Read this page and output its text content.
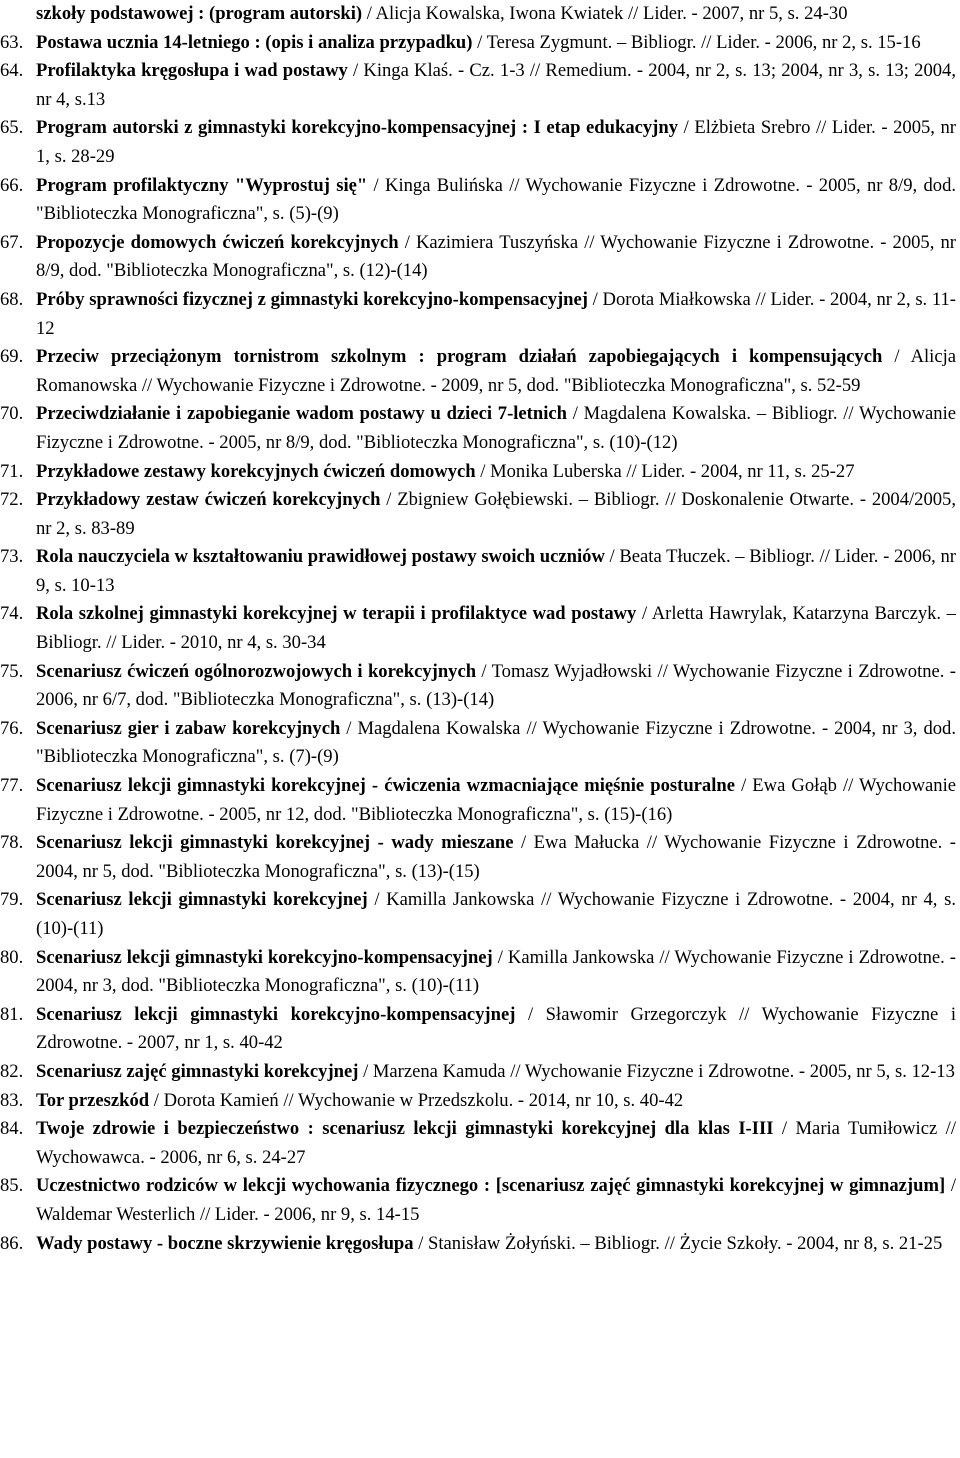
szkoły podstawowej : (program autorski) / Alicja Kowalska, Iwona Kwiatek // Lider. - 2007, nr 5, s. 24-30

63. Postawa ucznia 14-letniego : (opis i analiza przypadku) / Teresa Zygmunt. – Bibliogr. // Lider. - 2006, nr 2, s. 15-16

64. Profilaktyka kręgosłupa i wad postawy / Kinga Klaś. - Cz. 1-3 // Remedium. - 2004, nr 2, s. 13; 2004, nr 3, s. 13; 2004, nr 4, s.13

65. Program autorski z gimnastyki korekcyjno-kompensacyjnej : I etap edukacyjny / Elżbieta Srebro // Lider. - 2005, nr 1, s. 28-29

66. Program profilaktyczny "Wyprostuj się" / Kinga Bulińska // Wychowanie Fizyczne i Zdrowotne. - 2005, nr 8/9, dod. "Biblioteczka Monograficzna", s. (5)-(9)

67. Propozycje domowych ćwiczeń korekcyjnych / Kazimiera Tuszyńska // Wychowanie Fizyczne i Zdrowotne. - 2005, nr 8/9, dod. "Biblioteczka Monograficzna", s. (12)-(14)

68. Próby sprawności fizycznej z gimnastyki korekcyjno-kompensacyjnej / Dorota Miałkowska // Lider. - 2004, nr 2, s. 11-12

69. Przeciw przeciążonym tornistrom szkolnym : program działań zapobiegających i kompensujących / Alicja Romanowska // Wychowanie Fizyczne i Zdrowotne. - 2009, nr 5, dod. "Biblioteczka Monograficzna", s. 52-59

70. Przeciwdziałanie i zapobieganie wadom postawy u dzieci 7-letnich / Magdalena Kowalska. – Bibliogr. // Wychowanie Fizyczne i Zdrowotne. - 2005, nr 8/9, dod. "Biblioteczka Monograficzna", s. (10)-(12)

71. Przykładowe zestawy korekcyjnych ćwiczeń domowych / Monika Luberska // Lider. - 2004, nr 11, s. 25-27

72. Przykładowy zestaw ćwiczeń korekcyjnych / Zbigniew Gołębiewski. – Bibliogr. // Doskonalenie Otwarte. - 2004/2005, nr 2, s. 83-89

73. Rola nauczyciela w kształtowaniu prawidłowej postawy swoich uczniów / Beata Tłuczek. – Bibliogr. // Lider. - 2006, nr 9, s. 10-13

74. Rola szkolnej gimnastyki korekcyjnej w terapii i profilaktyce wad postawy / Arletta Hawrylak, Katarzyna Barczyk. – Bibliogr. // Lider. - 2010, nr 4, s. 30-34

75. Scenariusz ćwiczeń ogólnorozwojowych i korekcyjnych / Tomasz Wyjadłowski // Wychowanie Fizyczne i Zdrowotne. - 2006, nr 6/7, dod. "Biblioteczka Monograficzna", s. (13)-(14)

76. Scenariusz gier i zabaw korekcyjnych / Magdalena Kowalska // Wychowanie Fizyczne i Zdrowotne. - 2004, nr 3, dod. "Biblioteczka Monograficzna", s. (7)-(9)

77. Scenariusz lekcji gimnastyki korekcyjnej - ćwiczenia wzmacniające mięśnie posturalne / Ewa Gołąb // Wychowanie Fizyczne i Zdrowotne. - 2005, nr 12, dod. "Biblioteczka Monograficzna", s. (15)-(16)

78. Scenariusz lekcji gimnastyki korekcyjnej - wady mieszane / Ewa Małucka // Wychowanie Fizyczne i Zdrowotne. - 2004, nr 5, dod. "Biblioteczka Monograficzna", s. (13)-(15)

79. Scenariusz lekcji gimnastyki korekcyjnej / Kamilla Jankowska // Wychowanie Fizyczne i Zdrowotne. - 2004, nr 4, s. (10)-(11)

80. Scenariusz lekcji gimnastyki korekcyjno-kompensacyjnej / Kamilla Jankowska // Wychowanie Fizyczne i Zdrowotne. - 2004, nr 3, dod. "Biblioteczka Monograficzna", s. (10)-(11)

81. Scenariusz lekcji gimnastyki korekcyjno-kompensacyjnej / Sławomir Grzegorczyk // Wychowanie Fizyczne i Zdrowotne. - 2007, nr 1, s. 40-42

82. Scenariusz zajęć gimnastyki korekcyjnej / Marzena Kamuda // Wychowanie Fizyczne i Zdrowotne. - 2005, nr 5, s. 12-13

83. Tor przeszkód / Dorota Kamień // Wychowanie w Przedszkolu. - 2014, nr 10, s. 40-42

84. Twoje zdrowie i bezpieczeństwo : scenariusz lekcji gimnastyki korekcyjnej dla klas I-III / Maria Tumiłowicz // Wychowawca. - 2006, nr 6, s. 24-27

85. Uczestnictwo rodziców w lekcji wychowania fizycznego : [scenariusz zajęć gimnastyki korekcyjnej w gimnazjum] / Waldemar Westerlich // Lider. - 2006, nr 9, s. 14-15

86. Wady postawy - boczne skrzywienie kręgosłupa / Stanisław Żołyński. – Bibliogr. // Życie Szkoły. - 2004, nr 8, s. 21-25
